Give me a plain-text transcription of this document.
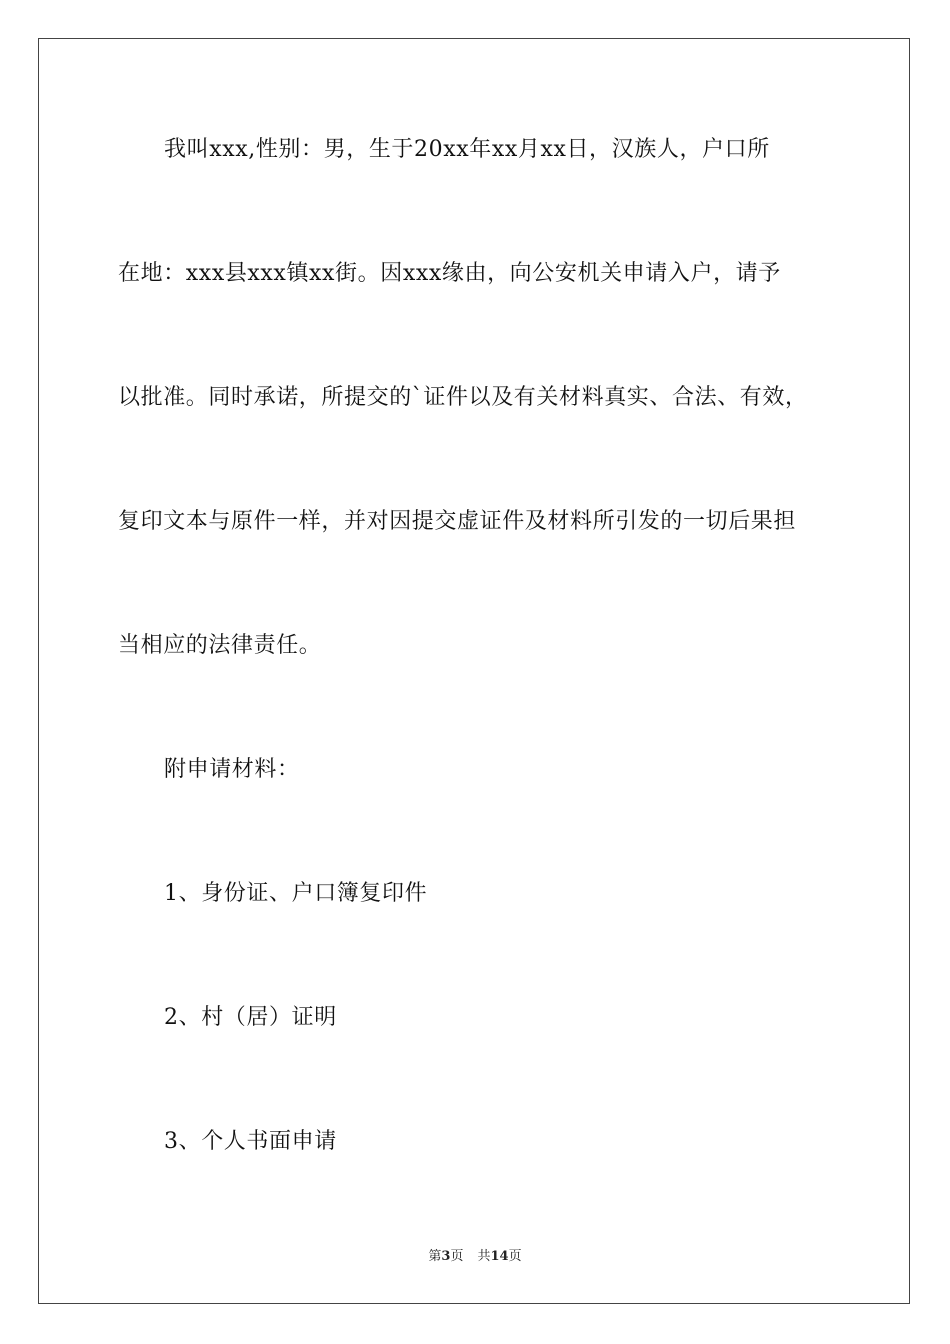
我叫xxx,性别：男，生于20xx年xx月xx日，汉族人，户口所
在地：xxx县xxx镇xx街。因xxx缘由，向公安机关申请入户，请予
以批准。同时承诺，所提交的`证件以及有关材料真实、合法、有效，
复印文本与原件一样，并对因提交虚证件及材料所引发的一切后果担
当相应的法律责任。
附申请材料：
1、身份证、户口簿复印件
2、村（居）证明
3、个人书面申请
第3页 共14页
